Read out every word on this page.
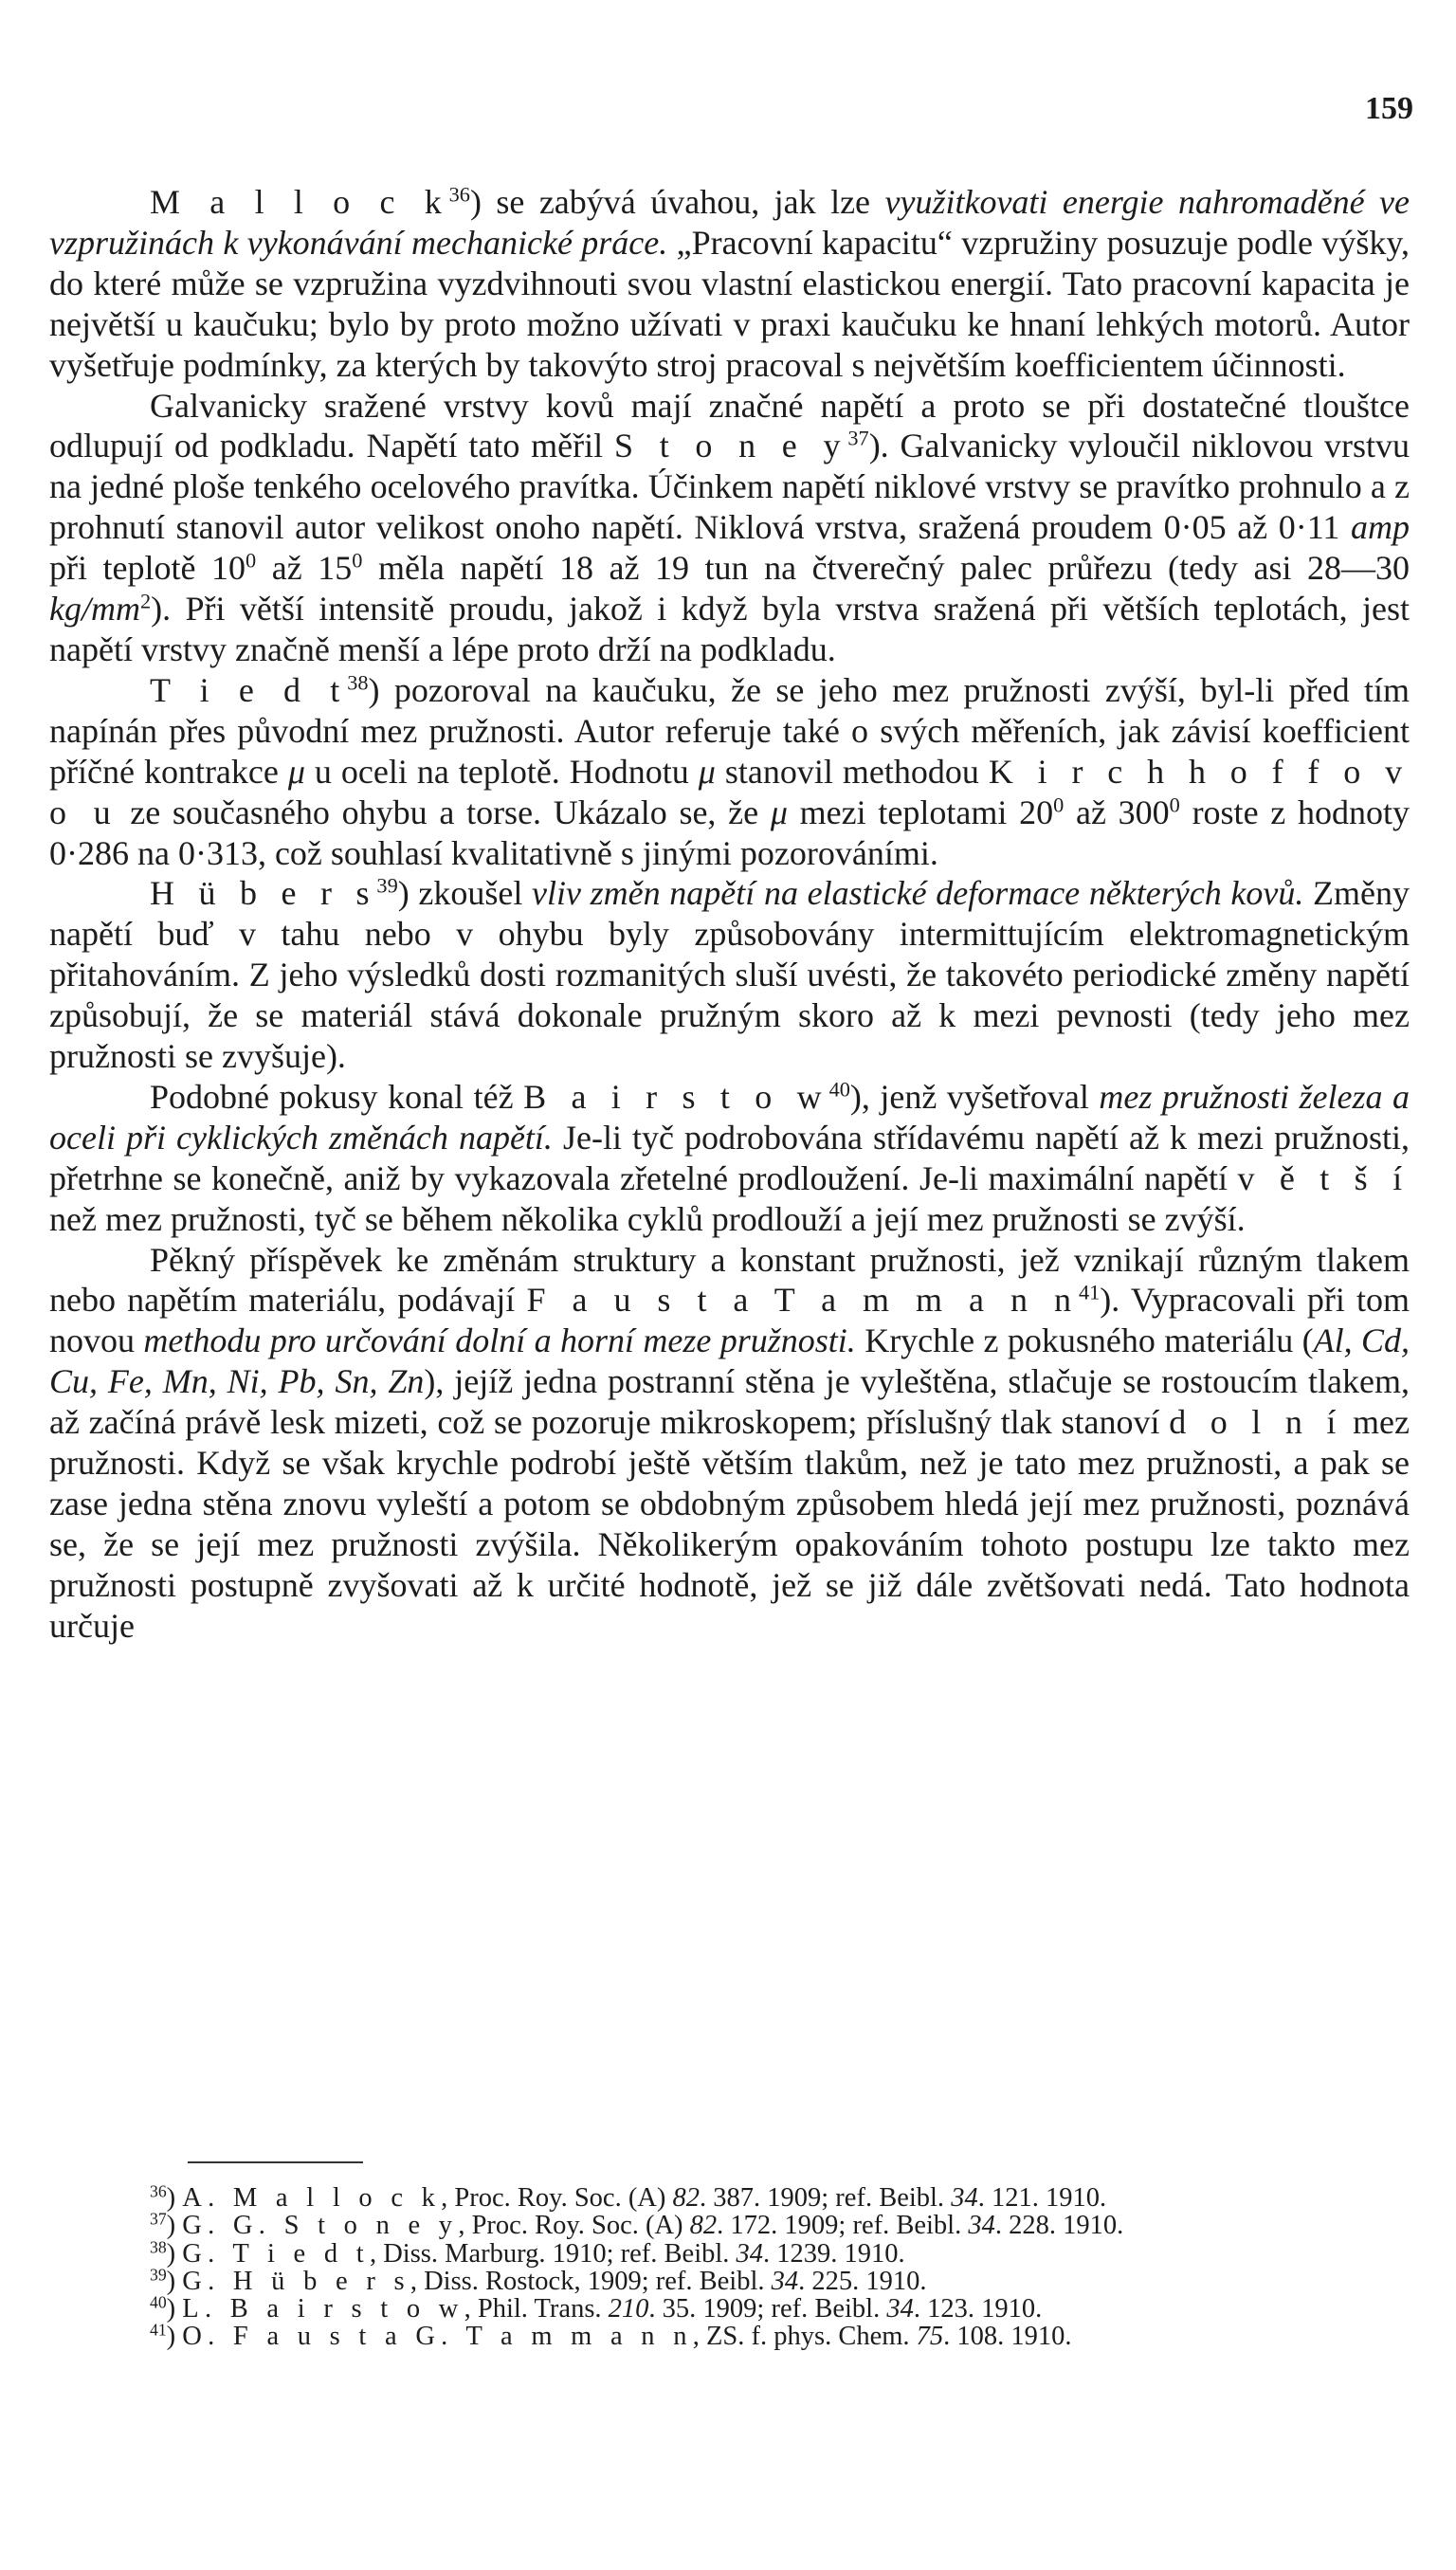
159

M a l l o c $k^{36}$) se zabývá úvahou, jak lze využitkovati energie nahromaděné ve vzpružinách k vykonávání mechanické práce. „Pracovní kapacitu“ vzpružiny posuzuje podle výšky, do které může se vzpružina vyzdvihnouti svou vlastní elastickou energií. Tato pracovní kapacita je největší u kaučuku; bylo by proto možno užívati v praxi kaučuku ke hnaní lehkých motorů. Autor vyšetřuje podmínky, za kterých by takovýto stroj pracoval s největším koefficientem účinnosti.

Galvanicky sražené vrstvy kovů mají značné napětí a proto se při dostatečné tlouštce odlupují od podkladu. Napětí tato měřil S t o n e $y^{37}$). Galvanicky vyloučil niklovou vrstvu na jedné ploše tenkého ocelového pravítka. Účinkem napětí niklové vrstvy se pravítko prohnulo a z prohnutí stanovil autor velikost onoho napětí. Niklová vrstva, sražená proudem 0·05 až 0·11 amp při teplotě $10^0$ až $15^0$ měla napětí 18 až 19 tun na čtverečný palec průřezu (tedy asi 28—30 $kg/mm^2$). Při větší intensitě proudu, jakož i když byla vrstva sražená při větších teplotách, jest napětí vrstvy značně menší a lépe proto drží na podkladu.

T i e d $t^{38}$) pozoroval na kaučuku, že se jeho mez pružnosti zvýší, byl-li před tím napínán přes původní mez pružnosti. Autor referuje také o svých měřeních, jak závisí koefficient příčné kontrakce μ u oceli na teplotě. Hodnotu μ stanovil methodou K i r c h h o f f o v o u ze současného ohybu a torse. Ukázalo se, že μ mezi teplotami $20^0$ až $300^0$ roste z hodnoty 0·286 na 0·313, což souhlasí kvalitativně s jinými pozorováními.

H ü b e r $s^{39}$) zkoušel vliv změn napětí na elastické deformace některých kovů. Změny napětí buď v tahu nebo v ohybu byly způsobovány intermittujícím elektromagnetickým přitahováním. Z jeho výsledků dosti rozmanitých sluší uvésti, že takovéto periodické změny napětí způsobují, že se materiál stává dokonale pružným skoro až k mezi pevnosti (tedy jeho mez pružnosti se zvyšuje).

Podobné pokusy konal též B a i r s t o $w^{40}$), jenž vyšetřoval mez pružnosti železa a oceli při cyklických změnách napětí. Je-li tyč podrobována střídavému napětí až k mezi pružnosti, přetrhne se konečně, aniž by vykazovala zřetelné prodloužení. Je-li maximální napětí v ě t š í než mez pružnosti, tyč se během několika cyklů prodlouží a její mez pružnosti se zvýší.

Pěkný příspěvek ke změnám struktury a konstant pružnosti, jež vznikají různým tlakem nebo napětím materiálu, podávají F a u s t a T a m m a n $n^{41}$). Vypracovali při tom novou methodu pro určování dolní a horní meze pružnosti. Krychle z pokusného materiálu (Al, Cd, Cu, Fe, Mn, Ni, Pb, Sn, Zn), jejíž jedna postranní stěna je vyleštěna, stlačuje se rostoucím tlakem, až začíná právě lesk mizeti, což se pozoruje mikroskopem; příslušný tlak stanoví d o l n í mez pružnosti. Když se však krychle podrobí ještě větším tlakům, než je tato mez pružnosti, a pak se zase jedna stěna znovu vyleští a potom se obdobným způsobem hledá její mez pružnosti, poznává se, že se její mez pružnosti zvýšila. Několikerým opakováním tohoto postupu lze takto mez pružnosti postupně zvyšovati až k určité hodnotě, jež se již dále zvětšovati nedá. Tato hodnota určuje

$^{36}$) A. M a l l o c k, Proc. Roy. Soc. (A) 82. 387. 1909; ref. Beibl. 34. 121. 1910.

$^{37}$) G. G. S t o n e y, Proc. Roy. Soc. (A) 82. 172. 1909; ref. Beibl. 34. 228. 1910.

$^{38}$) G. T i e d t, Diss. Marburg. 1910; ref. Beibl. 34. 1239. 1910.

$^{39}$) G. H ü b e r s, Diss. Rostock, 1909; ref. Beibl. 34. 225. 1910.

$^{40}$) L. B a i r s t o w, Phil. Trans. 210. 35. 1909; ref. Beibl. 34. 123. 1910.

$^{41}$) O. F a u s t a G. T a m m a n n, ZS. f. phys. Chem. 75. 108. 1910.
